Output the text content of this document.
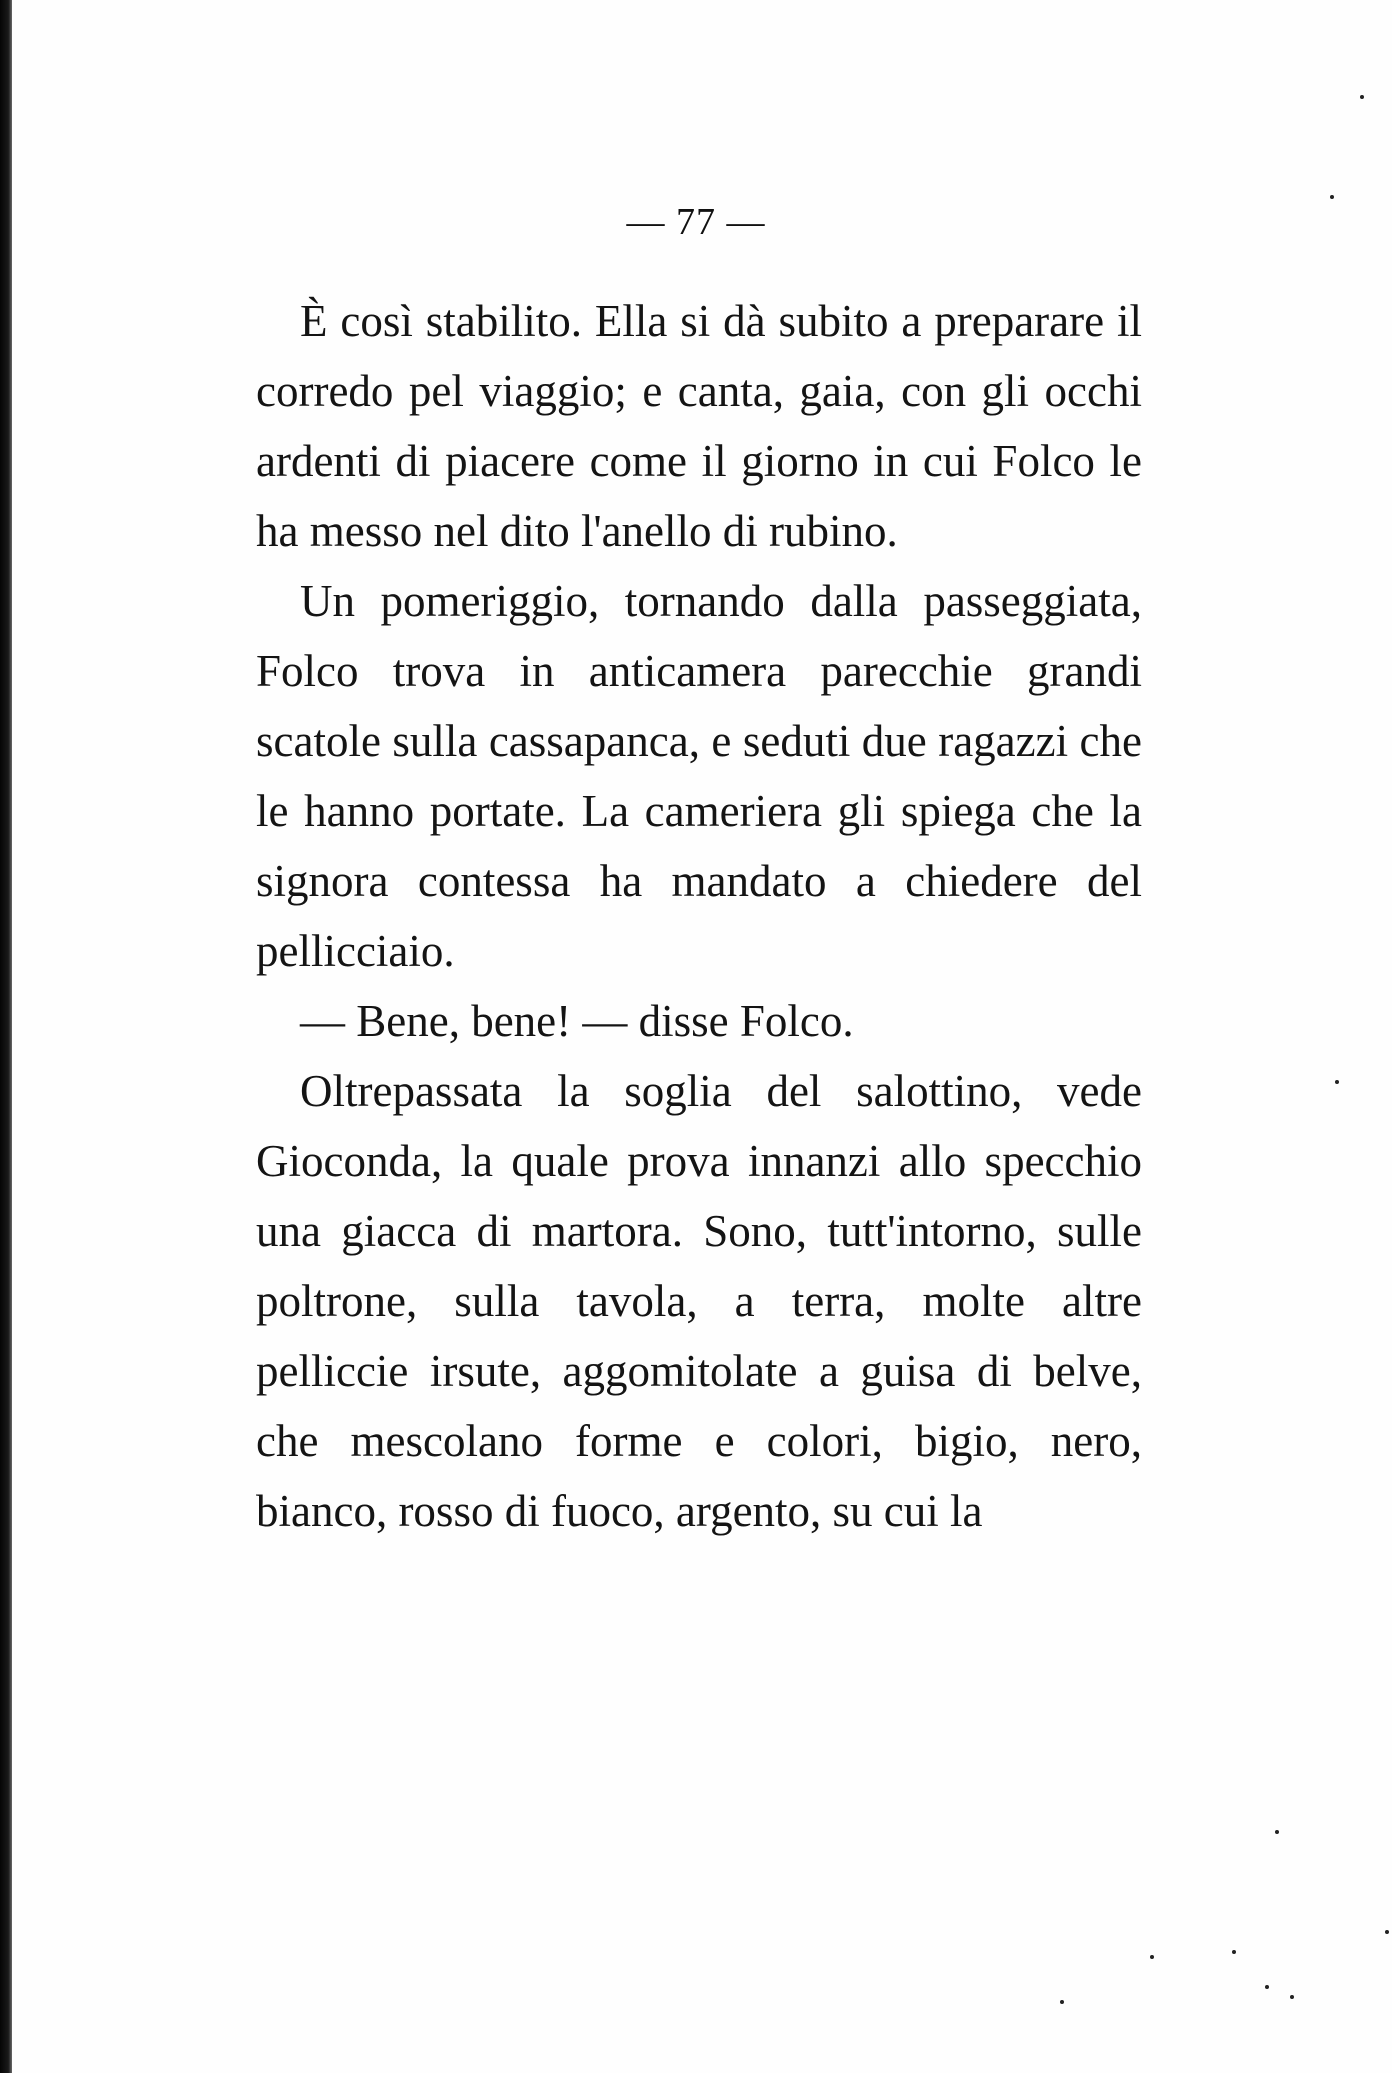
— 77 —

È così stabilito. Ella si dà subito a preparare il corredo pel viaggio; e canta, gaia, con gli occhi ardenti di piacere come il giorno in cui Folco le ha messo nel dito l'anello di rubino.

Un pomeriggio, tornando dalla passeggiata, Folco trova in anticamera parecchie grandi scatole sulla cassapanca, e seduti due ragazzi che le hanno portate. La cameriera gli spiega che la signora contessa ha mandato a chiedere del pellicciaio.

— Bene, bene! — disse Folco.

Oltrepassata la soglia del salottino, vede Gioconda, la quale prova innanzi allo specchio una giacca di martora. Sono, tutt'intorno, sulle poltrone, sulla tavola, a terra, molte altre pelliccie irsute, aggomitolate a guisa di belve, che mescolano forme e colori, bigio, nero, bianco, rosso di fuoco, argento, su cui la
